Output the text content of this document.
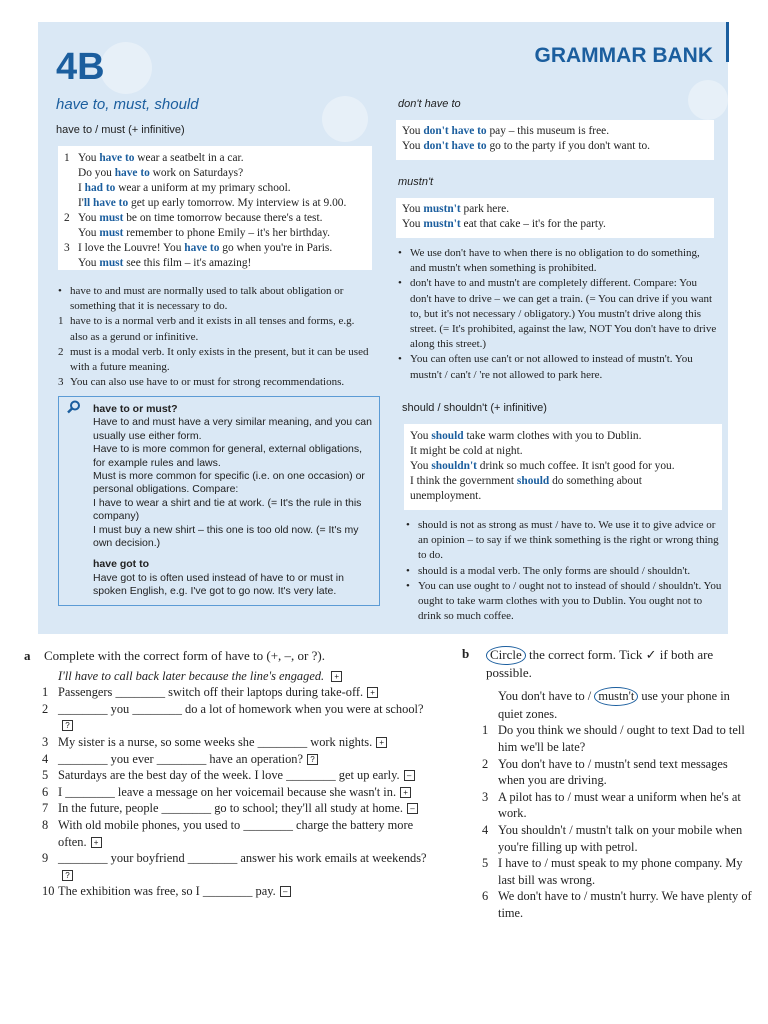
4B	GRAMMAR BANK
have to, must, should
have to / must (+ infinitive)
1 You have to wear a seatbelt in a car.
Do you have to work on Saturdays?
I had to wear a uniform at my primary school.
I'll have to get up early tomorrow. My interview is at 9.00.
2 You must be on time tomorrow because there's a test.
You must remember to phone Emily – it's her birthday.
3 I love the Louvre! You have to go when you're in Paris.
You must see this film – it's amazing!
• have to and must are normally used to talk about obligation or something that it is necessary to do.
1 have to is a normal verb and it exists in all tenses and forms, e.g. also as a gerund or infinitive.
2 must is a modal verb. It only exists in the present, but it can be used with a future meaning.
3 You can also use have to or must for strong recommendations.
have to or must?
Have to and must have a very similar meaning, and you can usually use either form.
Have to is more common for general, external obligations, for example rules and laws.
Must is more common for specific (i.e. on one occasion) or personal obligations. Compare:
I have to wear a shirt and tie at work. (= It's the rule in this company)
I must buy a new shirt – this one is too old now. (= It's my own decision.)
have got to
Have got to is often used instead of have to or must in spoken English, e.g. I've got to go now. It's very late.
don't have to
You don't have to pay – this museum is free.
You don't have to go to the party if you don't want to.
mustn't
You mustn't park here.
You mustn't eat that cake – it's for the party.
• We use don't have to when there is no obligation to do something, and mustn't when something is prohibited.
• don't have to and mustn't are completely different. Compare: You don't have to drive – we can get a train. (= You can drive if you want to, but it's not necessary / obligatory.) You mustn't drive along this street. (= It's prohibited, against the law, NOT You don't have to drive along this street.)
• You can often use can't or not allowed to instead of mustn't. You mustn't / can't / 're not allowed to park here.
should / shouldn't (+ infinitive)
You should take warm clothes with you to Dublin.
It might be cold at night.
You shouldn't drink so much coffee. It isn't good for you.
I think the government should do something about
unemployment.
• should is not as strong as must / have to. We use it to give advice or an opinion – to say if we think something is the right or wrong thing to do.
• should is a modal verb. The only forms are should / shouldn't.
• You can use ought to / ought not to instead of should / shouldn't. You ought to take warm clothes with you to Dublin. You ought not to drink so much coffee.
a Complete with the correct form of have to (+, –, or ?).
I'll have to call back later because the line's engaged. +
1 Passengers ________ switch off their laptops during take-off. +
2 ________ you ________ do a lot of homework when you were at school??
3 My sister is a nurse, so some weeks she ________ work nights. +
4 ________ you ever ________ have an operation? ?
5 Saturdays are the best day of the week. I love ________ get up early. –
6 I ________ leave a message on her voicemail because she wasn't in. +
7 In the future, people ________ go to school; they'll all study at home. –
8 With old mobile phones, you used to ________ charge the battery more often. +
9 ________ your boyfriend ________ answer his work emails at weekends??
10 The exhibition was free, so I ________ pay. –
b Circle the correct form. Tick ✓ if both are possible.
You don't have to / mustn't use your phone in quiet zones.
1 Do you think we should / ought to text Dad to tell him we'll be late?
2 You don't have to / mustn't send text messages when you are driving.
3 A pilot has to / must wear a uniform when he's at work.
4 You shouldn't / mustn't talk on your mobile when you're filling up with petrol.
5 I have to / must speak to my phone company. My last bill was wrong.
6 We don't have to / mustn't hurry. We have plenty of time.
